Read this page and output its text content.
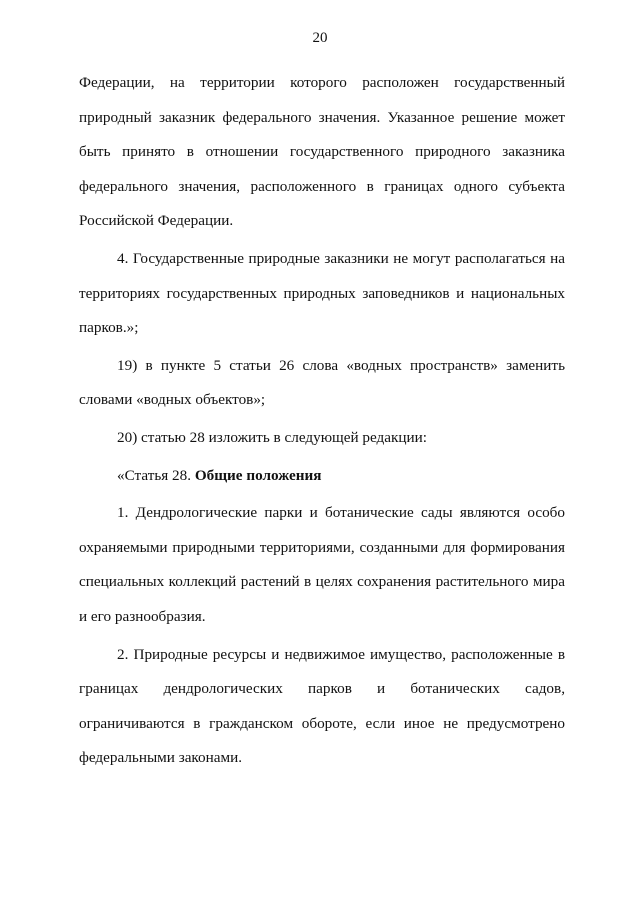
20

Федерации, на территории которого расположен государственный природный заказник федерального значения. Указанное решение может быть принято в отношении государственного природного заказника федерального значения, расположенного в границах одного субъекта Российской Федерации.

4. Государственные природные заказники не могут располагаться на территориях государственных природных заповедников и национальных парков.»;

19) в пункте 5 статьи 26 слова «водных пространств» заменить словами «водных объектов»;

20) статью 28 изложить в следующей редакции:

«Статья 28. Общие положения

1. Дендрологические парки и ботанические сады являются особо охраняемыми природными территориями, созданными для формирования специальных коллекций растений в целях сохранения растительного мира и его разнообразия.

2. Природные ресурсы и недвижимое имущество, расположенные в границах дендрологических парков и ботанических садов, ограничиваются в гражданском обороте, если иное не предусмотрено федеральными законами.
